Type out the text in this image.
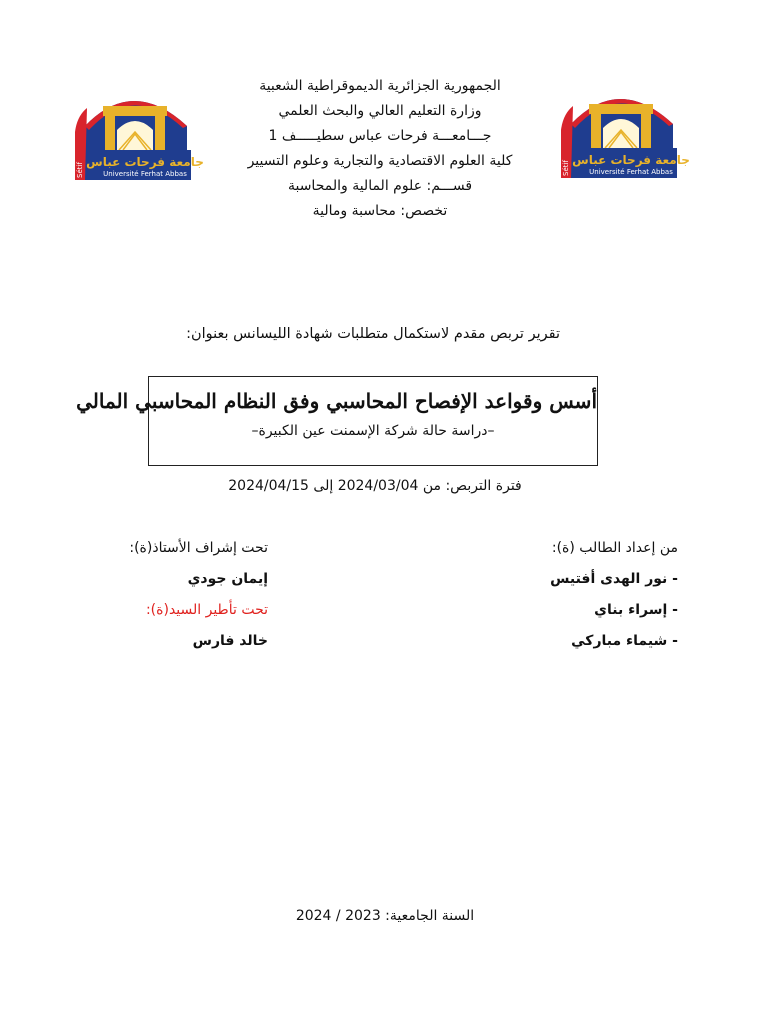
جامعة فرحات عباس
Université Ferhat Abbas
Sétif
جامعة فرحات عباس
Université Ferhat Abbas
Sétif
الجمهورية الجزائرية الديموقراطية الشعبية
وزارة التعليم العالي والبحث العلمي
جـــامعـــة فرحات عباس سطيـــــف 1
كلية العلوم الاقتصادية والتجارية وعلوم التسيير
قســـم: علوم المالية والمحاسبة
تخصص: محاسبة ومالية
تقرير تربص مقدم لاستكمال متطلبات شهادة الليسانس بعنوان:
أسس وقواعد الإفصاح المحاسبي وفق النظام المحاسبي المالي
–دراسة حالة شركة الإسمنت عين الكبيرة–
فترة التربص: من 2024/03/04 إلى 2024/04/15
من إعداد الطالب (ة):
- نور الهدى أفتيس
- إسراء بناي
- شيماء مباركي
تحت إشراف الأستاذ(ة):
إيمان جودي
تحت تأطير السيد(ة):
خالد فارس
السنة الجامعية: 2023 / 2024
